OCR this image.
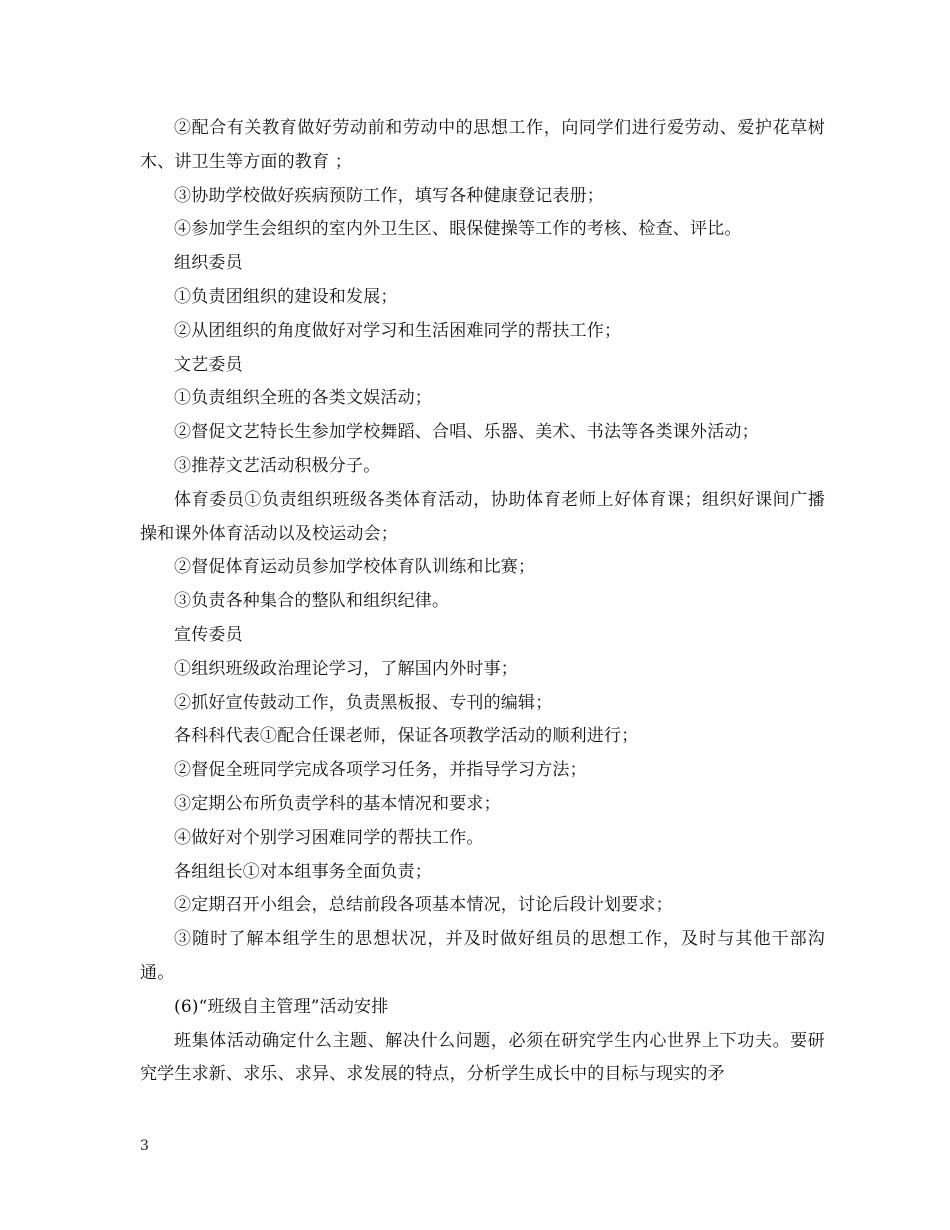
②配合有关教育做好劳动前和劳动中的思想工作，向同学们进行爱劳动、爱护花草树木、讲卫生等方面的教育 ；

③协助学校做好疾病预防工作，填写各种健康登记表册；

④参加学生会组织的室内外卫生区、眼保健操等工作的考核、检查、评比。

组织委员

①负责团组织的建设和发展；

②从团组织的角度做好对学习和生活困难同学的帮扶工作；

文艺委员

①负责组织全班的各类文娱活动；

②督促文艺特长生参加学校舞蹈、合唱、乐器、美术、书法等各类课外活动；

③推荐文艺活动积极分子。

体育委员①负责组织班级各类体育活动，协助体育老师上好体育课；组织好课间广播操和课外体育活动以及校运动会；

②督促体育运动员参加学校体育队训练和比赛；

③负责各种集合的整队和组织纪律。

宣传委员

①组织班级政治理论学习，了解国内外时事；

②抓好宣传鼓动工作，负责黑板报、专刊的编辑；

各科科代表①配合任课老师，保证各项教学活动的顺利进行；

②督促全班同学完成各项学习任务，并指导学习方法；

③定期公布所负责学科的基本情况和要求；

④做好对个别学习困难同学的帮扶工作。

各组组长①对本组事务全面负责；

②定期召开小组会，总结前段各项基本情况，讨论后段计划要求；

③随时了解本组学生的思想状况，并及时做好组员的思想工作，及时与其他干部沟通。

(6)“班级自主管理”活动安排

班集体活动确定什么主题、解决什么问题，必须在研究学生内心世界上下功夫。要研究学生求新、求乐、求异、求发展的特点，分析学生成长中的目标与现实的矛

3
